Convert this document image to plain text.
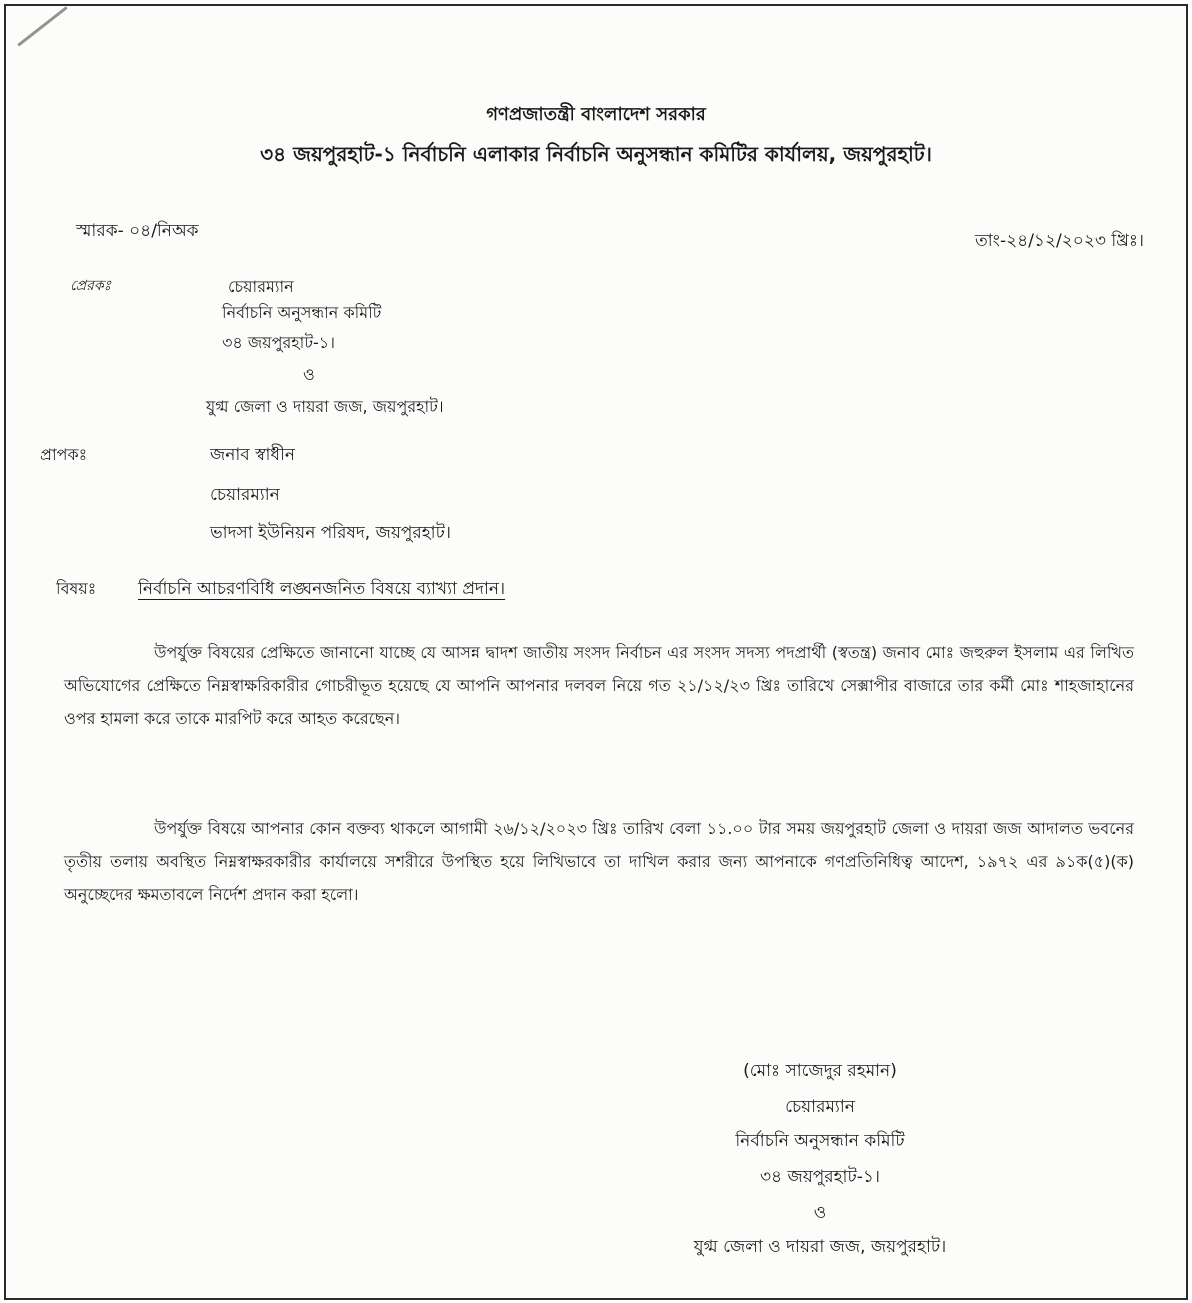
গণপ্রজাতন্ত্রী বাংলাদেশ সরকার
৩৪ জয়পুরহাট-১ নির্বাচনি এলাকার নির্বাচনি অনুসন্ধান কমিটির কার্যালয়, জয়পুরহাট।
স্মারক- ০৪/নিঅক	তাং-২৪/১২/২০২৩ খ্রিঃ।
প্রেরকঃ	চেয়ারম্যান
নির্বাচনি অনুসন্ধান কমিটি
৩৪ জয়পুরহাট-১।
ও
যুগ্ম জেলা ও দায়রা জজ, জয়পুরহাট।
প্রাপকঃ	জনাব স্বাধীন
চেয়ারম্যান
ভাদসা ইউনিয়ন পরিষদ, জয়পুরহাট।
বিষয়ঃ নির্বাচনি আচরণবিধি লঙ্ঘনজনিত বিষয়ে ব্যাখ্যা প্রদান।
উপর্যুক্ত বিষয়ের প্রেক্ষিতে জানানো যাচ্ছে যে আসন্ন দ্বাদশ জাতীয় সংসদ নির্বাচন এর সংসদ সদস্য পদপ্রার্থী (স্বতন্ত্র) জনাব মোঃ জহুরুল ইসলাম এর লিখিত অভিযোগের প্রেক্ষিতে নিম্নস্বাক্ষরিকারীর গোচরীভূত হয়েছে যে আপনি আপনার দলবল নিয়ে গত ২১/১২/২৩ খ্রিঃ তারিখে সেক্সাপীর বাজারে তার কর্মী মোঃ শাহজাহানের ওপর হামলা করে তাকে মারপিট করে আহত করেছেন।
উপর্যুক্ত বিষয়ে আপনার কোন বক্তব্য থাকলে আগামী ২৬/১২/২০২৩ খ্রিঃ তারিখ বেলা ১১.০০ টার সময় জয়পুরহাট জেলা ও দায়রা জজ আদালত ভবনের তৃতীয় তলায় অবস্থিত নিম্নস্বাক্ষরকারীর কার্যালয়ে সশরীরে উপস্থিত হয়ে লিখিভাবে তা দাখিল করার জন্য আপনাকে গণপ্রতিনিধিত্ব আদেশ, ১৯৭২ এর ৯১ক(৫)(ক) অনুচ্ছেদের ক্ষমতাবলে নির্দেশ প্রদান করা হলো।
(মোঃ সাজেদুর রহমান)
চেয়ারম্যান
নির্বাচনি অনুসন্ধান কমিটি
৩৪ জয়পুরহাট-১।
ও
যুগ্ম জেলা ও দায়রা জজ, জয়পুরহাট।
